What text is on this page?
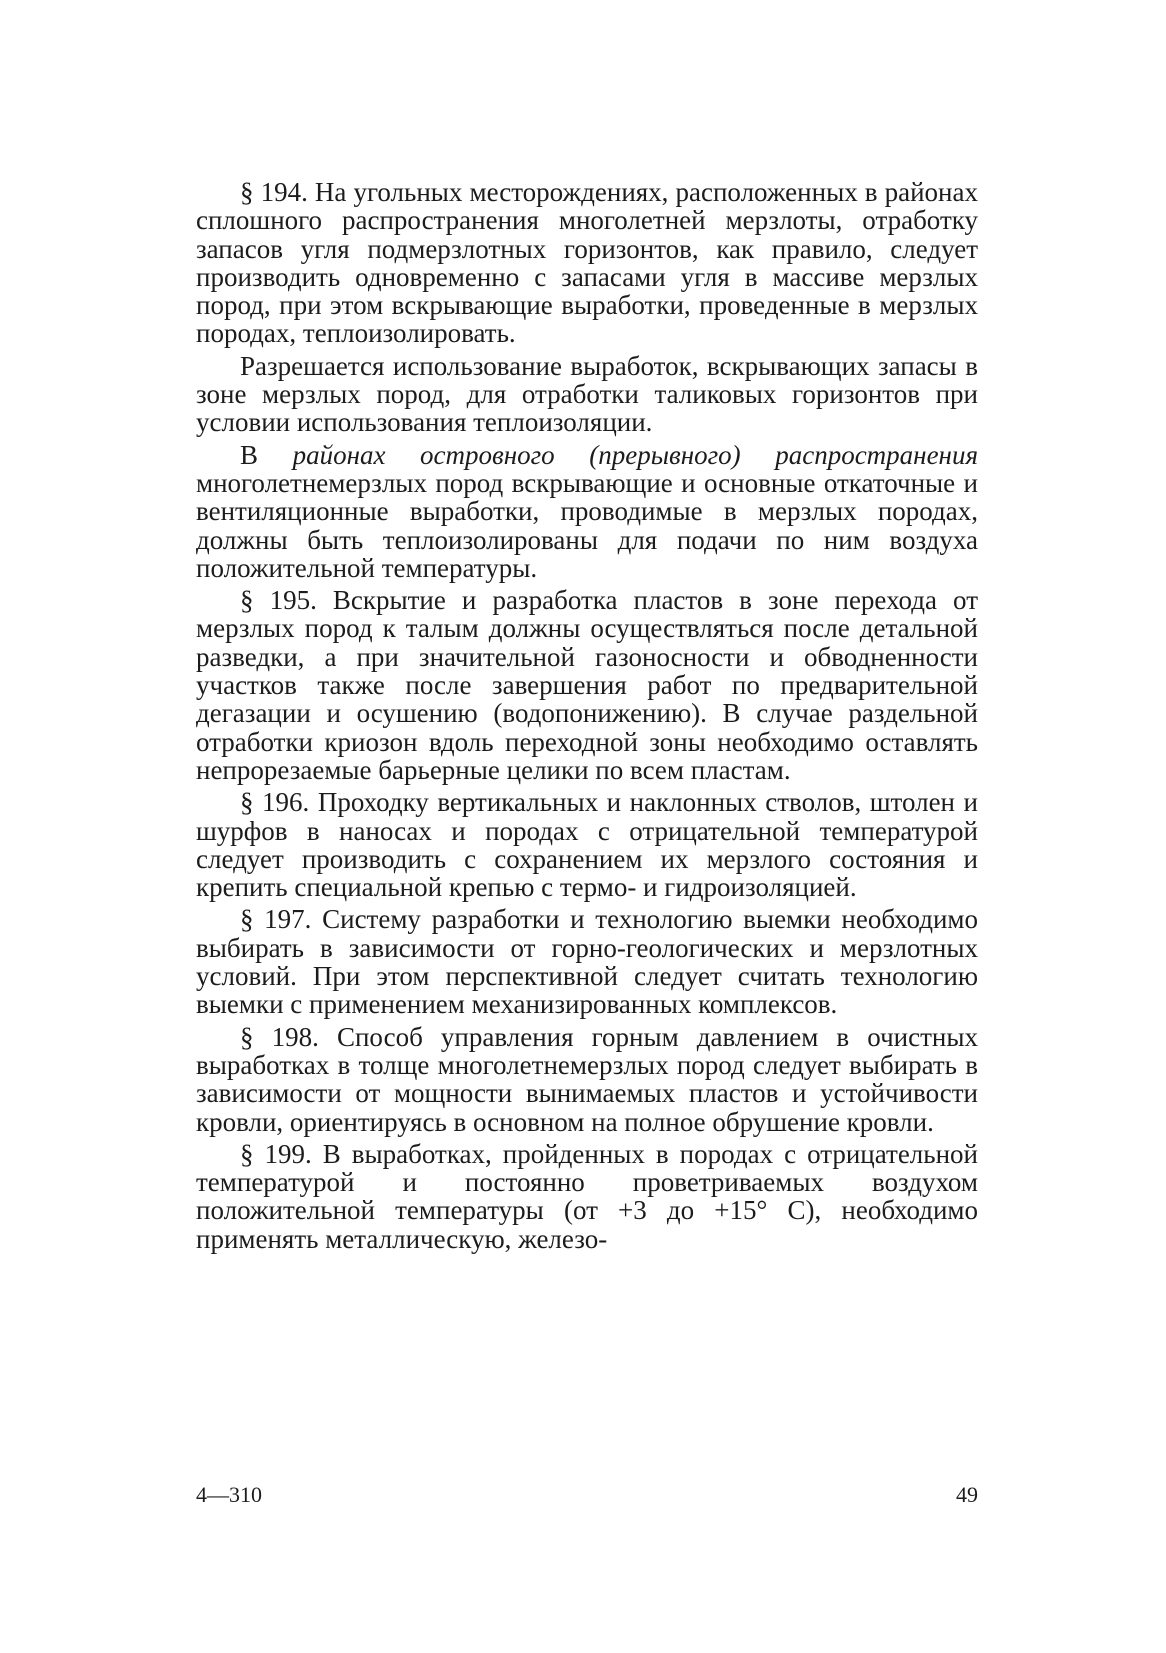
§ 194. На угольных месторождениях, расположенных в районах сплошного распространения многолетней мерзлоты, отработку запасов угля подмерзлотных горизонтов, как правило, следует производить одновременно с запасами угля в массиве мерзлых пород, при этом вскрывающие выработки, проведенные в мерзлых породах, теплоизолировать.

Разрешается использование выработок, вскрывающих запасы в зоне мерзлых пород, для отработки таликовых горизонтов при условии использования теплоизоляции.

В районах островного (прерывного) распространения многолетнемерзлых пород вскрывающие и основные откаточные и вентиляционные выработки, проводимые в мерзлых породах, должны быть теплоизолированы для подачи по ним воздуха положительной температуры.

§ 195. Вскрытие и разработка пластов в зоне перехода от мерзлых пород к талым должны осуществляться после детальной разведки, а при значительной газоносности и обводненности участков также после завершения работ по предварительной дегазации и осушению (водопонижению). В случае раздельной отработки криозон вдоль переходной зоны необходимо оставлять непрорезаемые барьерные целики по всем пластам.

§ 196. Проходку вертикальных и наклонных стволов, штолен и шурфов в наносах и породах с отрицательной температурой следует производить с сохранением их мерзлого состояния и крепить специальной крепью с термо- и гидроизоляцией.

§ 197. Систему разработки и технологию выемки необходимо выбирать в зависимости от горно-геологических и мерзлотных условий. При этом перспективной следует считать технологию выемки с применением механизированных комплексов.

§ 198. Способ управления горным давлением в очистных выработках в толще многолетнемерзлых пород следует выбирать в зависимости от мощности вынимаемых пластов и устойчивости кровли, ориентируясь в основном на полное обрушение кровли.

§ 199. В выработках, пройденных в породах с отрицательной температурой и постоянно проветриваемых воздухом положительной температуры (от +3 до +15° С), необходимо применять металлическую, железо-

4—310	49
